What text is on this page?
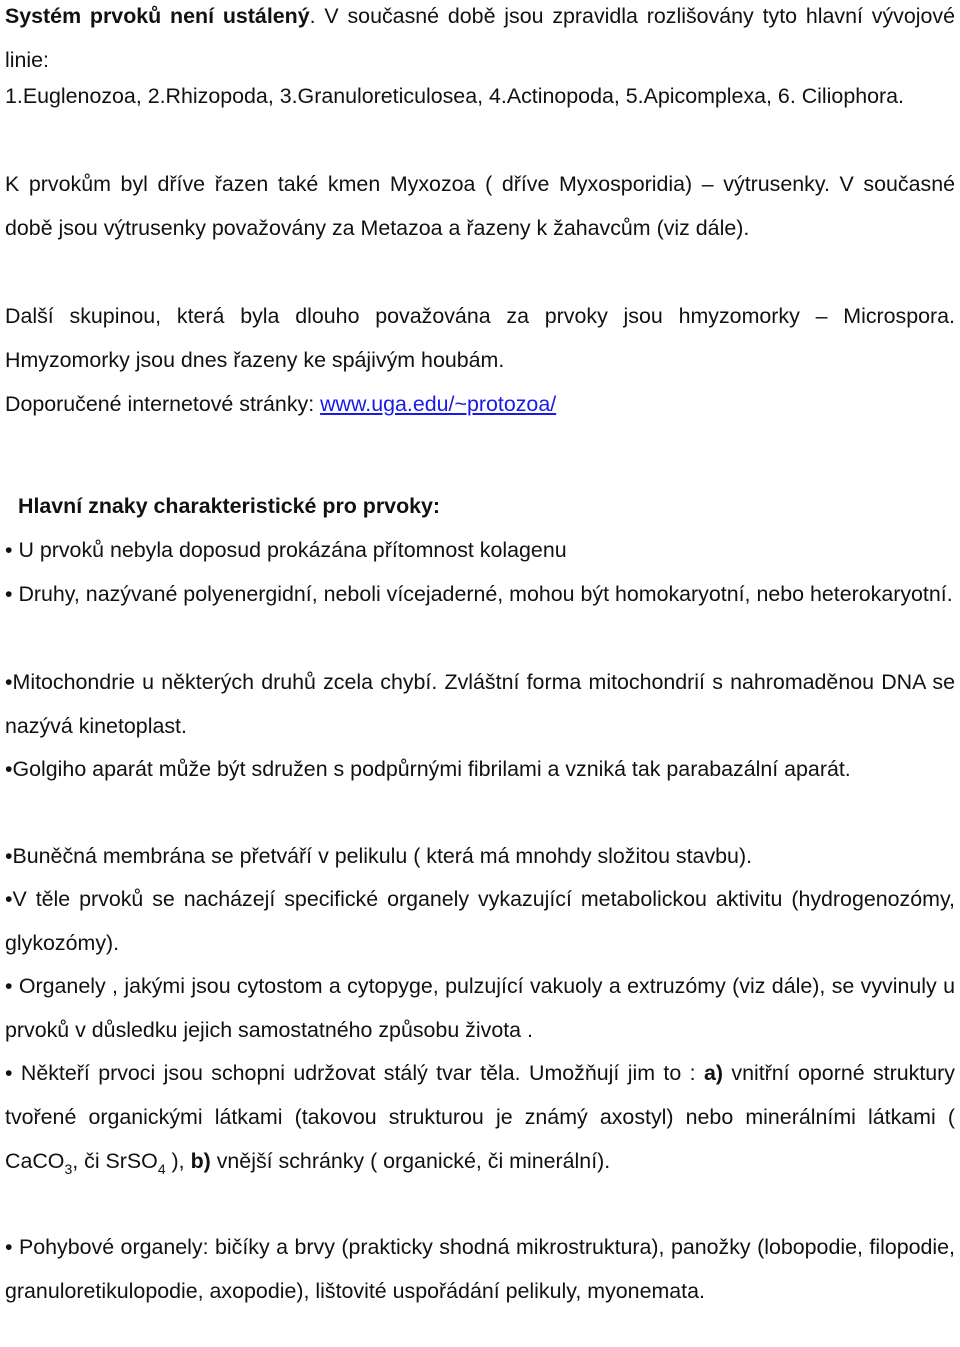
Systém prvoků není ustálený. V současné době jsou zpravidla rozlišovány tyto hlavní vývojové linie:

1.Euglenozoa, 2.Rhizopoda, 3.Granuloreticulosea, 4.Actinopoda, 5.Apicomplexa, 6. Ciliophora.

K prvokům byl dříve řazen také kmen Myxozoa ( dříve Myxosporidia) – výtrusenky. V současné době jsou výtrusenky považovány za Metazoa a řazeny k žahavcům (viz dále).

Další skupinou, která byla dlouho považována za prvoky jsou hmyzomorky – Microspora. Hmyzomorky jsou dnes řazeny ke spájivým houbám.

Doporučené internetové stránky: www.uga.edu/~protozoa/

Hlavní znaky charakteristické pro prvoky:

• U prvoků nebyla doposud prokázána přítomnost kolagenu

• Druhy, nazývané polyenergidní, neboli vícejaderné, mohou být homokaryotní, nebo heterokaryotní.

•Mitochondrie u některých druhů zcela chybí. Zvláštní forma mitochondrií s nahromaděnou DNA se nazývá kinetoplast.

•Golgiho aparát může být sdružen s podpůrnými fibrilami a vzniká tak parabazální aparát.

•Buněčná membrána se přetváří v pelikulu ( která má mnohdy složitou stavbu).

•V těle prvoků se nacházejí specifické organely vykazující metabolickou aktivitu (hydrogenozómy, glykozómy).

• Organely , jakými jsou cytostom a cytopyge, pulzující vakuoly a extruzómy (viz dále), se vyvinuly u prvoků v důsledku jejich samostatného způsobu života .

• Někteří prvoci jsou schopni udržovat stálý tvar těla. Umožňují jim to : a) vnitřní oporné struktury tvořené organickými látkami (takovou strukturou je známý axostyl) nebo minerálními látkami ( CaCO$_3$, či SrSO$_4$ ), b) vnější schránky ( organické, či minerální).

• Pohybové organely: bičíky a brvy (prakticky shodná mikrostruktura), panožky (lobopodie, filopodie, granuloretikulopodie, axopodie), lištovité uspořádání pelikuly, myonemata.
